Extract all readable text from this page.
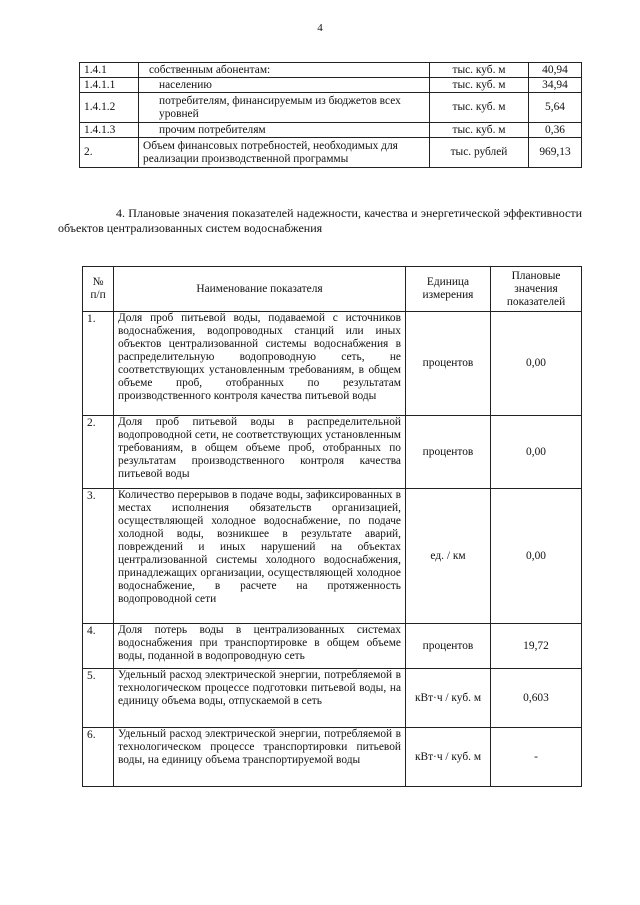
4
1.4.1	собственным абонентам:	тыс. куб. м	40,94
1.4.1.1	населению	тыс. куб. м	34,94
1.4.1.2	потребителям, финансируемым из бюджетов всех уровней	тыс. куб. м	5,64
1.4.1.3	прочим потребителям	тыс. куб. м	0,36
2.	Объем финансовых потребностей, необходимых для реализации производственной программы	тыс. рублей	969,13
4. Плановые значения показателей надежности, качества и энергетической эффективности объектов централизованных систем водоснабжения
№ п/п	Наименование показателя	Единица измерения	Плановые значения показателей
1.	Доля проб питьевой воды, подаваемой с источников водоснабжения, водопроводных станций или иных объектов централизованной системы водоснабжения в распределительную водопроводную сеть, не соответствующих установленным требованиям, в общем объеме проб, отобранных по результатам производственного контроля качества питьевой воды	процентов	0,00
2.	Доля проб питьевой воды в распределительной водопроводной сети, не соответствующих установленным требованиям, в общем объеме проб, отобранных по результатам производственного контроля качества питьевой воды	процентов	0,00
3.	Количество перерывов в подаче воды, зафиксированных в местах исполнения обязательств организацией, осуществляющей холодное водоснабжение, по подаче холодной воды, возникшее в результате аварий, повреждений и иных нарушений на объектах централизованной системы холодного водоснабжения, принадлежащих организации, осуществляющей холодное водоснабжение, в расчете на протяженность водопроводной сети	ед. / км	0,00
4.	Доля потерь воды в централизованных системах водоснабжения при транспортировке в общем объеме воды, поданной в водопроводную сеть	процентов	19,72
5.	Удельный расход электрической энергии, потребляемой в технологическом процессе подготовки питьевой воды, на единицу объема воды, отпускаемой в сеть	кВт·ч / куб. м	0,603
6.	Удельный расход электрической энергии, потребляемой в технологическом процессе транспортировки питьевой воды, на единицу объема транспортируемой воды	кВт·ч / куб. м	-
